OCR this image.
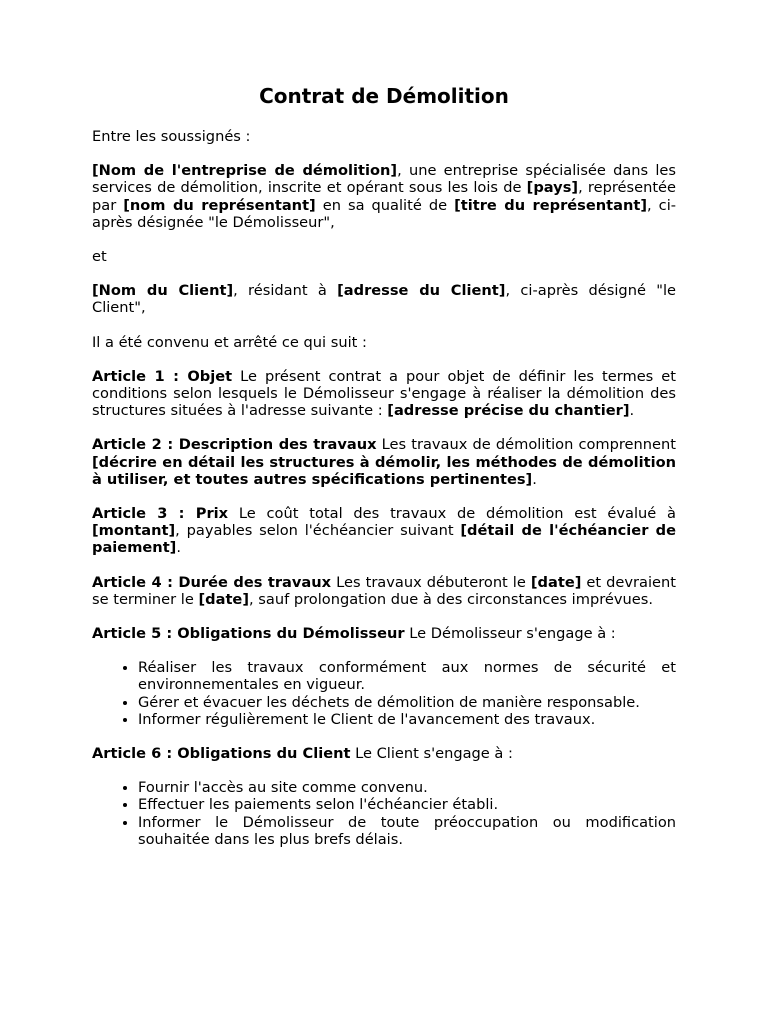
Contrat de Démolition

Entre les soussignés :

[Nom de l'entreprise de démolition], une entreprise spécialisée dans les services de démolition, inscrite et opérant sous les lois de [pays], représentée par [nom du représentant] en sa qualité de [titre du représentant], ci-après désignée "le Démolisseur",

et

[Nom du Client], résidant à [adresse du Client], ci-après désigné "le Client",

Il a été convenu et arrêté ce qui suit :

Article 1 : Objet Le présent contrat a pour objet de définir les termes et conditions selon lesquels le Démolisseur s'engage à réaliser la démolition des structures situées à l'adresse suivante : [adresse précise du chantier].

Article 2 : Description des travaux Les travaux de démolition comprennent [décrire en détail les structures à démolir, les méthodes de démolition à utiliser, et toutes autres spécifications pertinentes].

Article 3 : Prix Le coût total des travaux de démolition est évalué à [montant], payables selon l'échéancier suivant [détail de l'échéancier de paiement].

Article 4 : Durée des travaux Les travaux débuteront le [date] et devraient se terminer le [date], sauf prolongation due à des circonstances imprévues.

Article 5 : Obligations du Démolisseur Le Démolisseur s'engage à :

• Réaliser les travaux conformément aux normes de sécurité et environnementales en vigueur.
• Gérer et évacuer les déchets de démolition de manière responsable.
• Informer régulièrement le Client de l'avancement des travaux.

Article 6 : Obligations du Client Le Client s'engage à :

• Fournir l'accès au site comme convenu.
• Effectuer les paiements selon l'échéancier établi.
• Informer le Démolisseur de toute préoccupation ou modification souhaitée dans les plus brefs délais.
